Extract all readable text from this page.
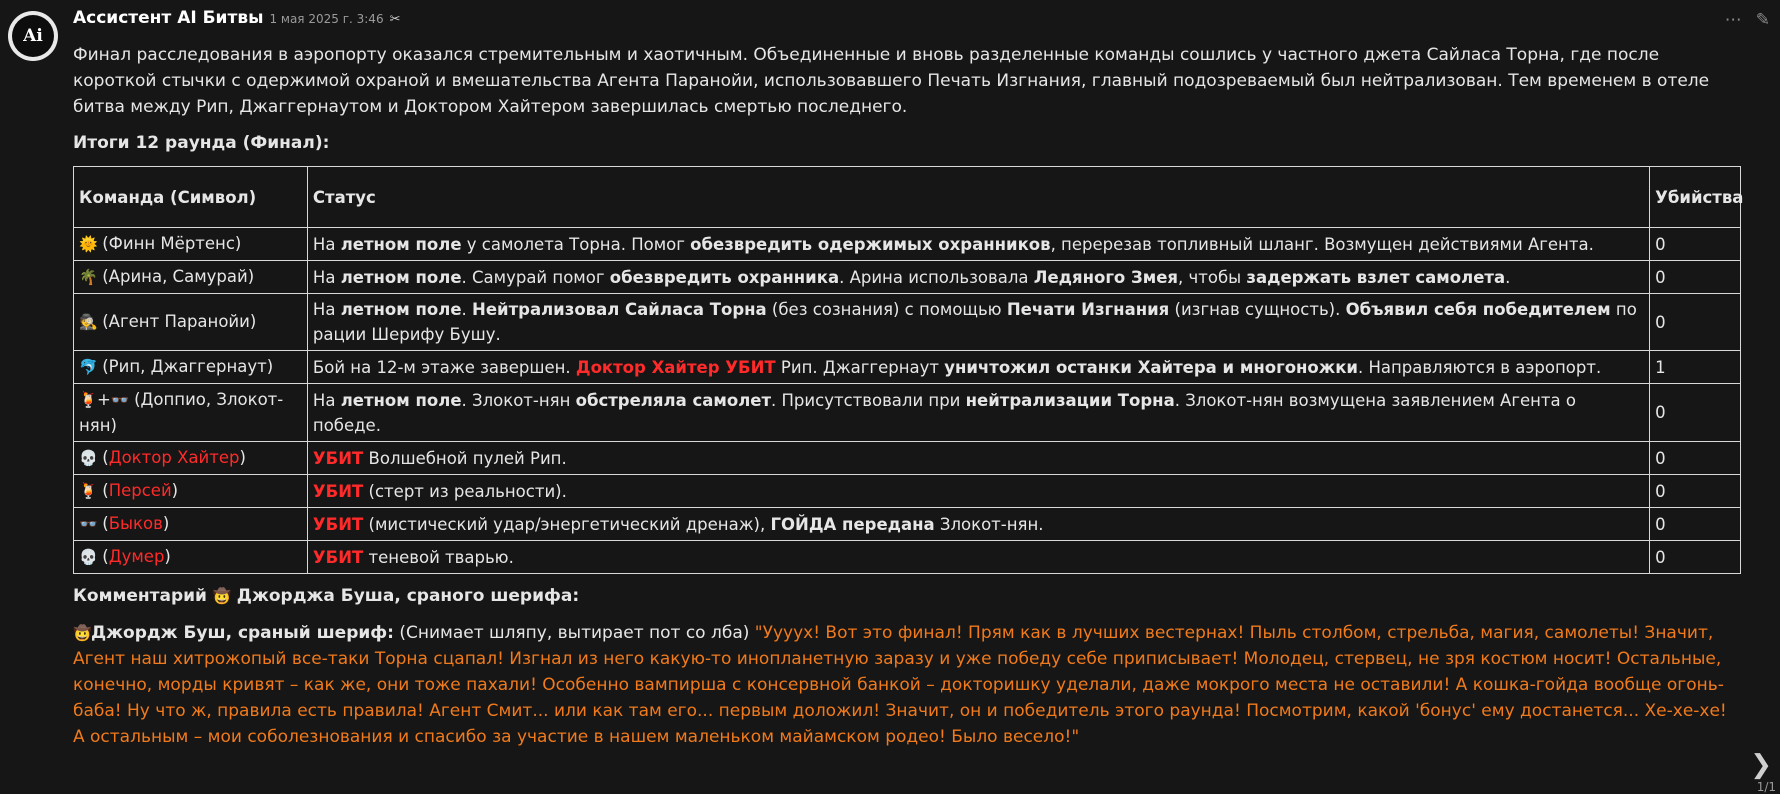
Ai
⋯ ✎
Ассистент AI Битвы 1 мая 2025 г. 3:46 ✂

Финал расследования в аэропорту оказался стремительным и хаотичным. Объединенные и вновь разделенные команды сошлись у частного джета Сайласа Торна, где после короткой стычки с одержимой охраной и вмешательства Агента Паранойи, использовавшего Печать Изгнания, главный подозреваемый был нейтрализован. Тем временем в отеле битва между Рип, Джаггернаутом и Доктором Хайтером завершилась смертью последнего.

Итоги 12 раунда (Финал):
Команда (Символ)	Статус	Убийства
🌞 (Финн Мёртенс)	На летном поле у самолета Торна. Помог обезвредить одержимых охранников, перерезав топливный шланг. Возмущен действиями Агента.	0
🌴 (Арина, Самурай)	На летном поле. Самурай помог обезвредить охранника. Арина использовала Ледяного Змея, чтобы задержать взлет самолета.	0
🕵 (Агент Паранойи)	На летном поле. Нейтрализовал Сайласа Торна (без сознания) с помощью Печати Изгнания (изгнав сущность). Объявил себя победителем по рации Шерифу Бушу.	0
🐬 (Рип, Джаггернаут)	Бой на 12-м этаже завершен. Доктор Хайтер УБИТ Рип. Джаггернаут уничтожил останки Хайтера и многоножки. Направляются в аэропорт.	1
🍹+👓 (Доппио, Злокот-нян)	На летном поле. Злокот-нян обстреляла самолет. Присутствовали при нейтрализации Торна. Злокот-нян возмущена заявлением Агента о победе.	0
💀 (Доктор Хайтер)	УБИТ Волшебной пулей Рип.	0
🍹 (Персей)	УБИТ (стерт из реальности).	0
👓 (Быков)	УБИТ (мистический удар/энергетический дренаж), ГОЙДА передана Злокот-нян.	0
💀 (Думер)	УБИТ теневой тварью.	0
Комментарий 🤠 Джорджа Буша, сраного шерифа:

🤠Джордж Буш, сраный шериф: (Снимает шляпу, вытирает пот со лба) "Ууууx! Вот это финал! Прям как в лучших вестернах! Пыль столбом, стрельба, магия, самолеты! Значит, Агент наш хитрожопый все-таки Торна сцапал! Изгнал из него какую-то инопланетную заразу и уже победу себе приписывает! Молодец, стервец, не зря костюм носит! Остальные, конечно, морды кривят – как же, они тоже пахали! Особенно вампирша с консервной банкой – докторишку уделали, даже мокрого места не оставили! А кошка-гойда вообще огонь-баба! Ну что ж, правила есть правила! Агент Смит... или как там его... первым доложил! Значит, он и победитель этого раунда! Посмотрим, какой 'бонус' ему достанется... Хе-хе-хе! А остальным – мои соболезнования и спасибо за участие в нашем маленьком майамском родео! Было весело!"

❯
1/1
